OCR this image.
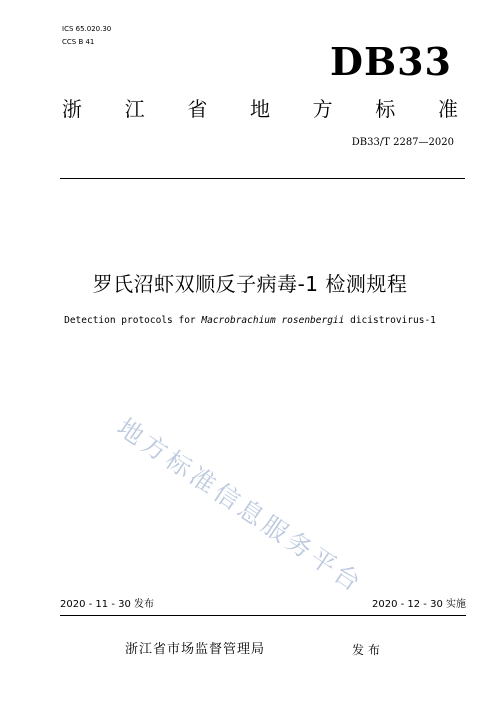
ICS 65.020.30
CCS B 41	DB33
浙 江 省 地 方 标 准
DB33/T 2287—2020
罗氏沼虾双顺反子病毒-1 检测规程
Detection protocols for Macrobrachium rosenbergii dicistrovirus-1
地方标准信息服务平台
2020 - 11 - 30 发布	2020 - 12 - 30 实施
浙江省市场监督管理局	发布
